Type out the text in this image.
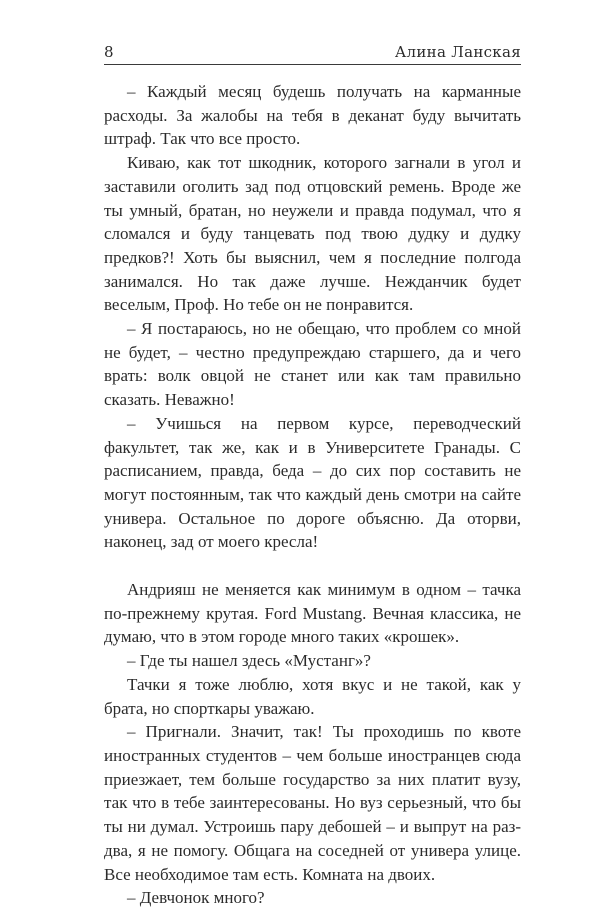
8	Алина Ланская

– Каждый месяц будешь получать на карманные расходы. За жалобы на тебя в деканат буду вычитать штраф. Так что все просто.

Киваю, как тот шкодник, которого загнали в угол и заставили оголить зад под отцовский ремень. Вроде же ты умный, братан, но неужели и правда подумал, что я сломался и буду танцевать под твою дудку и дудку предков?! Хоть бы выяснил, чем я последние полгода занимался. Но так даже лучше. Нежданчик будет веселым, Проф. Но тебе он не понравится.

– Я постараюсь, но не обещаю, что проблем со мной не будет, – честно предупреждаю старшего, да и чего врать: волк овцой не станет или как там правильно сказать. Неважно!

– Учишься на первом курсе, переводческий факультет, так же, как и в Университете Гранады. С расписанием, правда, беда – до сих пор составить не могут постоянным, так что каждый день смотри на сайте универа. Остальное по дороге объясню. Да оторви, наконец, зад от моего кресла!

Андрияш не меняется как минимум в одном – тачка по-прежнему крутая. Ford Mustang. Вечная классика, не думаю, что в этом городе много таких «крошек».

– Где ты нашел здесь «Мустанг»?

Тачки я тоже люблю, хотя вкус и не такой, как у брата, но спорткары уважаю.

– Пригнали. Значит, так! Ты проходишь по квоте иностранных студентов – чем больше иностранцев сюда приезжает, тем больше государство за них платит вузу, так что в тебе заинтересованы. Но вуз серьезный, что бы ты ни думал. Устроишь пару дебошей – и выпрут на раз-два, я не помогу. Общага на соседней от универа улице. Все необходимое там есть. Комната на двоих.

– Девчонок много?
